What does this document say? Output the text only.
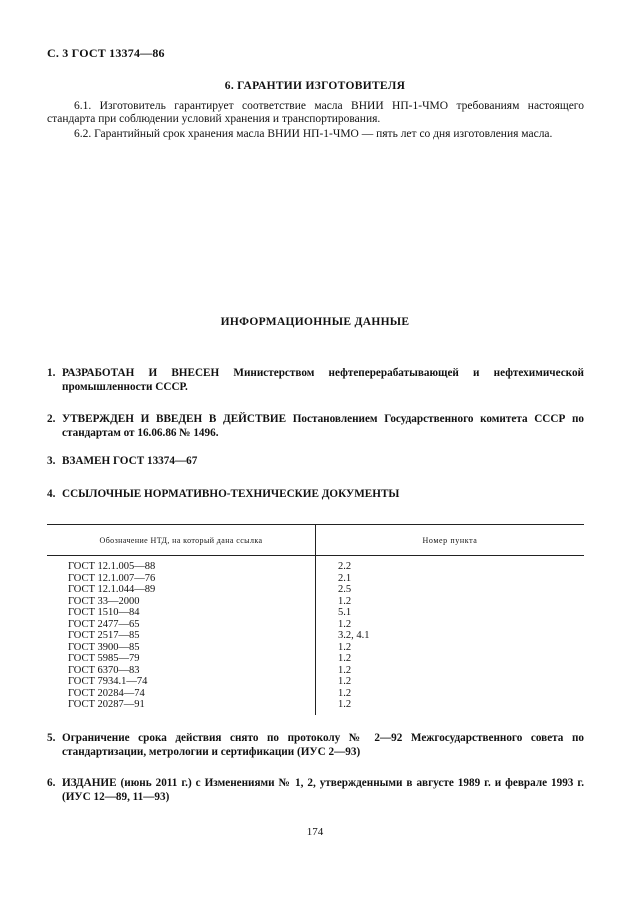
С. 3 ГОСТ 13374—86
6. ГАРАНТИИ ИЗГОТОВИТЕЛЯ
6.1. Изготовитель гарантирует соответствие масла ВНИИ НП-1-ЧМО требованиям настоящего стандарта при соблюдении условий хранения и транспортирования.
6.2. Гарантийный срок хранения масла ВНИИ НП-1-ЧМО — пять лет со дня изготовления масла.
ИНФОРМАЦИОННЫЕ ДАННЫЕ
1. РАЗРАБОТАН И ВНЕСЕН Министерством нефтеперерабатывающей и нефтехимической промышленности СССР.
2. УТВЕРЖДЕН И ВВЕДЕН В ДЕЙСТВИЕ Постановлением Государственного комитета СССР по стандартам от 16.06.86 № 1496.
3. ВЗАМЕН ГОСТ 13374—67
4. ССЫЛОЧНЫЕ НОРМАТИВНО-ТЕХНИЧЕСКИЕ ДОКУМЕНТЫ
Обозначение НТД, на который дана ссылка	Номер пункта
ГОСТ 12.1.005—88
ГОСТ 12.1.007—76
ГОСТ 12.1.044—89
ГОСТ 33—2000
ГОСТ 1510—84
ГОСТ 2477—65
ГОСТ 2517—85
ГОСТ 3900—85
ГОСТ 5985—79
ГОСТ 6370—83
ГОСТ 7934.1—74
ГОСТ 20284—74
ГОСТ 20287—91
2.2
2.1
2.5
1.2
5.1
1.2
3.2, 4.1
1.2
1.2
1.2
1.2
1.2
1.2
5. Ограничение срока действия снято по протоколу № 2—92 Межгосударственного совета по стандартизации, метрологии и сертификации (ИУС 2—93)
6. ИЗДАНИЕ (июнь 2011 г.) с Изменениями № 1, 2, утвержденными в августе 1989 г. и феврале 1993 г. (ИУС 12—89, 11—93)
174
